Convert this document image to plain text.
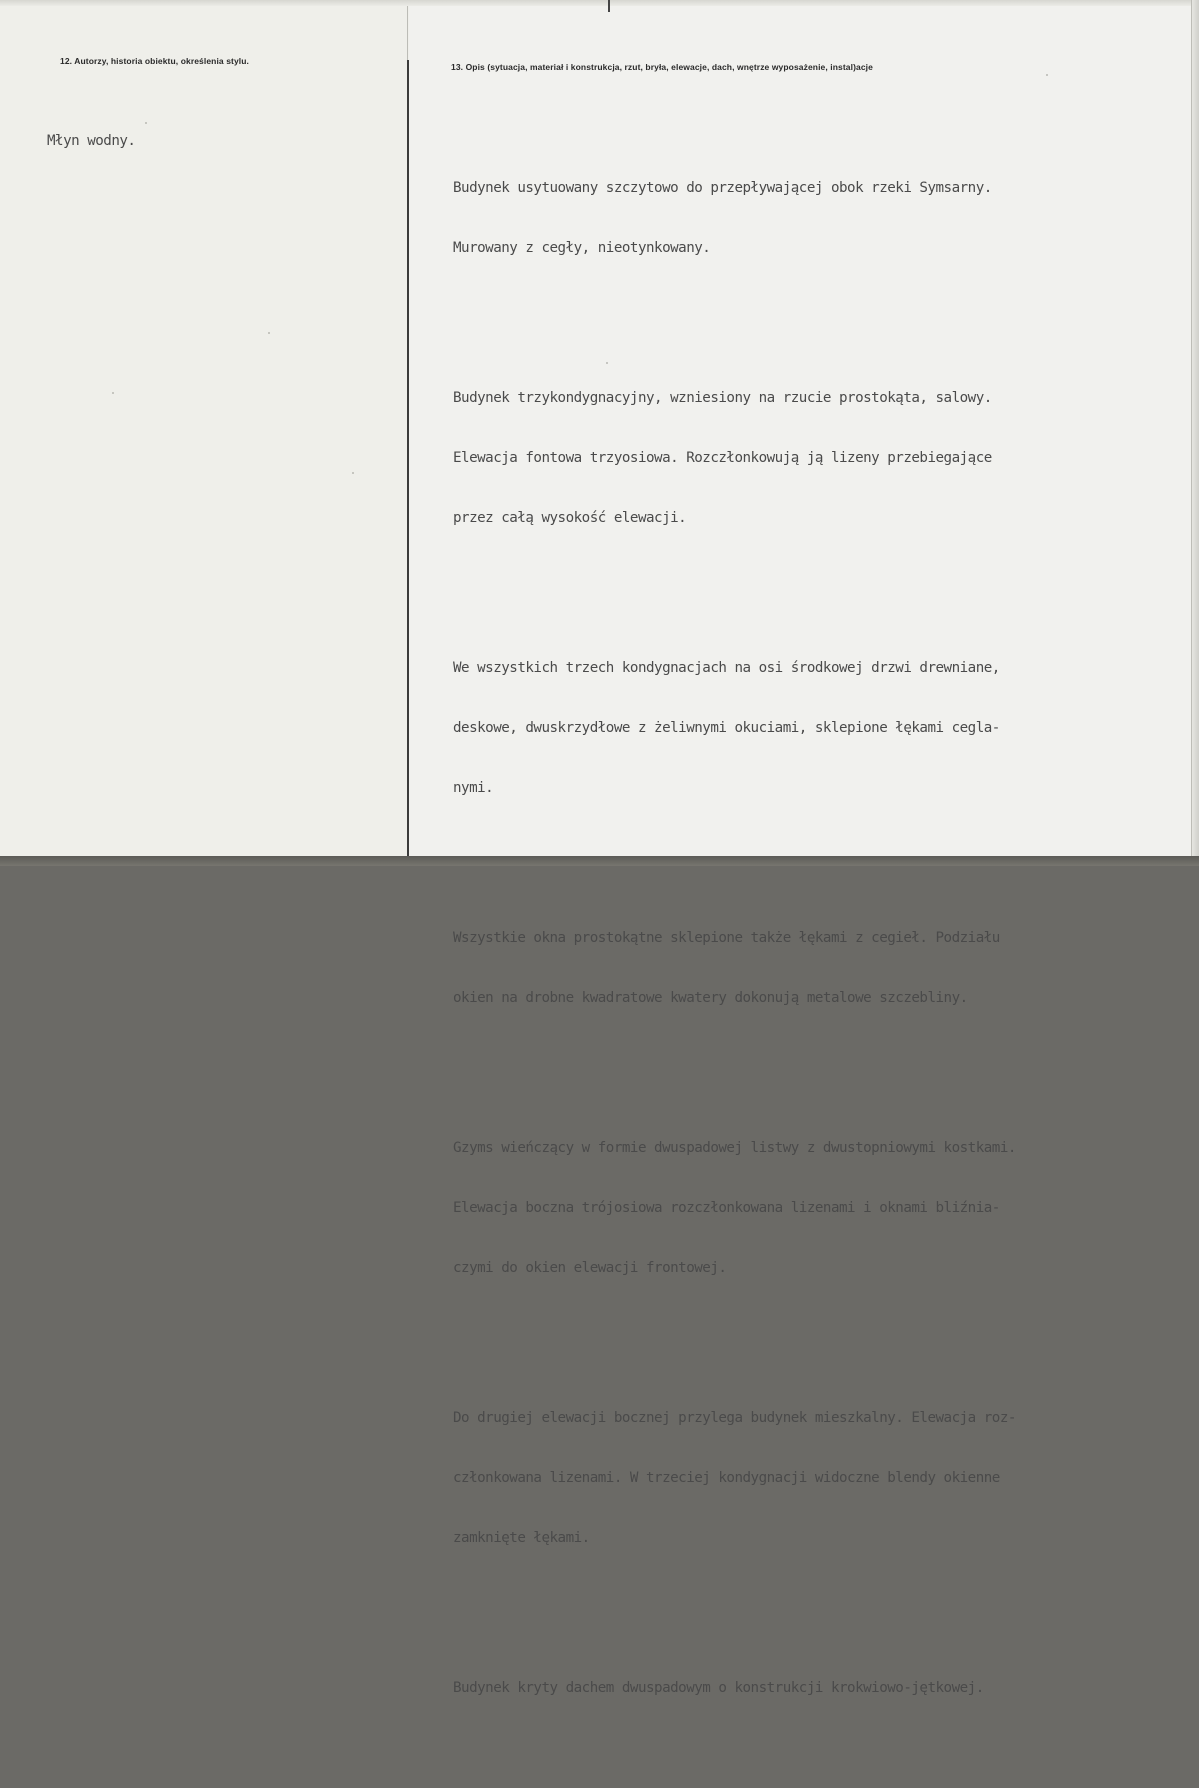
12. Autorzy, historia obiektu, określenia stylu.
13. Opis (sytuacja, materiał i konstrukcja, rzut, bryła, elewacje, dach, wnętrze wyposażenie, instal)acje

Młyn wodny.

Budynek usytuowany szczytowo do przepływającej obok rzeki Symsarny.

Murowany z cegły, nieotynkowany.

Budynek trzykondygnacyjny, wzniesiony na rzucie prostokąta, salowy.

Elewacja fontowa trzyosiowa. Rozczłonkowują ją lizeny przebiegające

przez całą wysokość elewacji.

We wszystkich trzech kondygnacjach na osi środkowej drzwi drewniane,

deskowe, dwuskrzydłowe z żeliwnymi okuciami, sklepione łękami cegla-

nymi.

Wszystkie okna prostokątne sklepione także łękami z cegieł. Podziału

okien na drobne kwadratowe kwatery dokonują metalowe szczebliny.

Gzyms wieńczący w formie dwuspadowej listwy z dwustopniowymi kostkami.

Elewacja boczna trójosiowa rozczłonkowana lizenami i oknami bliźnia-

czymi do okien elewacji frontowej.

Do drugiej elewacji bocznej przylega budynek mieszkalny. Elewacja roz-

członkowana lizenami. W trzeciej kondygnacji widoczne blendy okienne

zamknięte łękami.

Budynek kryty dachem dwuspadowym o konstrukcji krokwiowo-jętkowej.
